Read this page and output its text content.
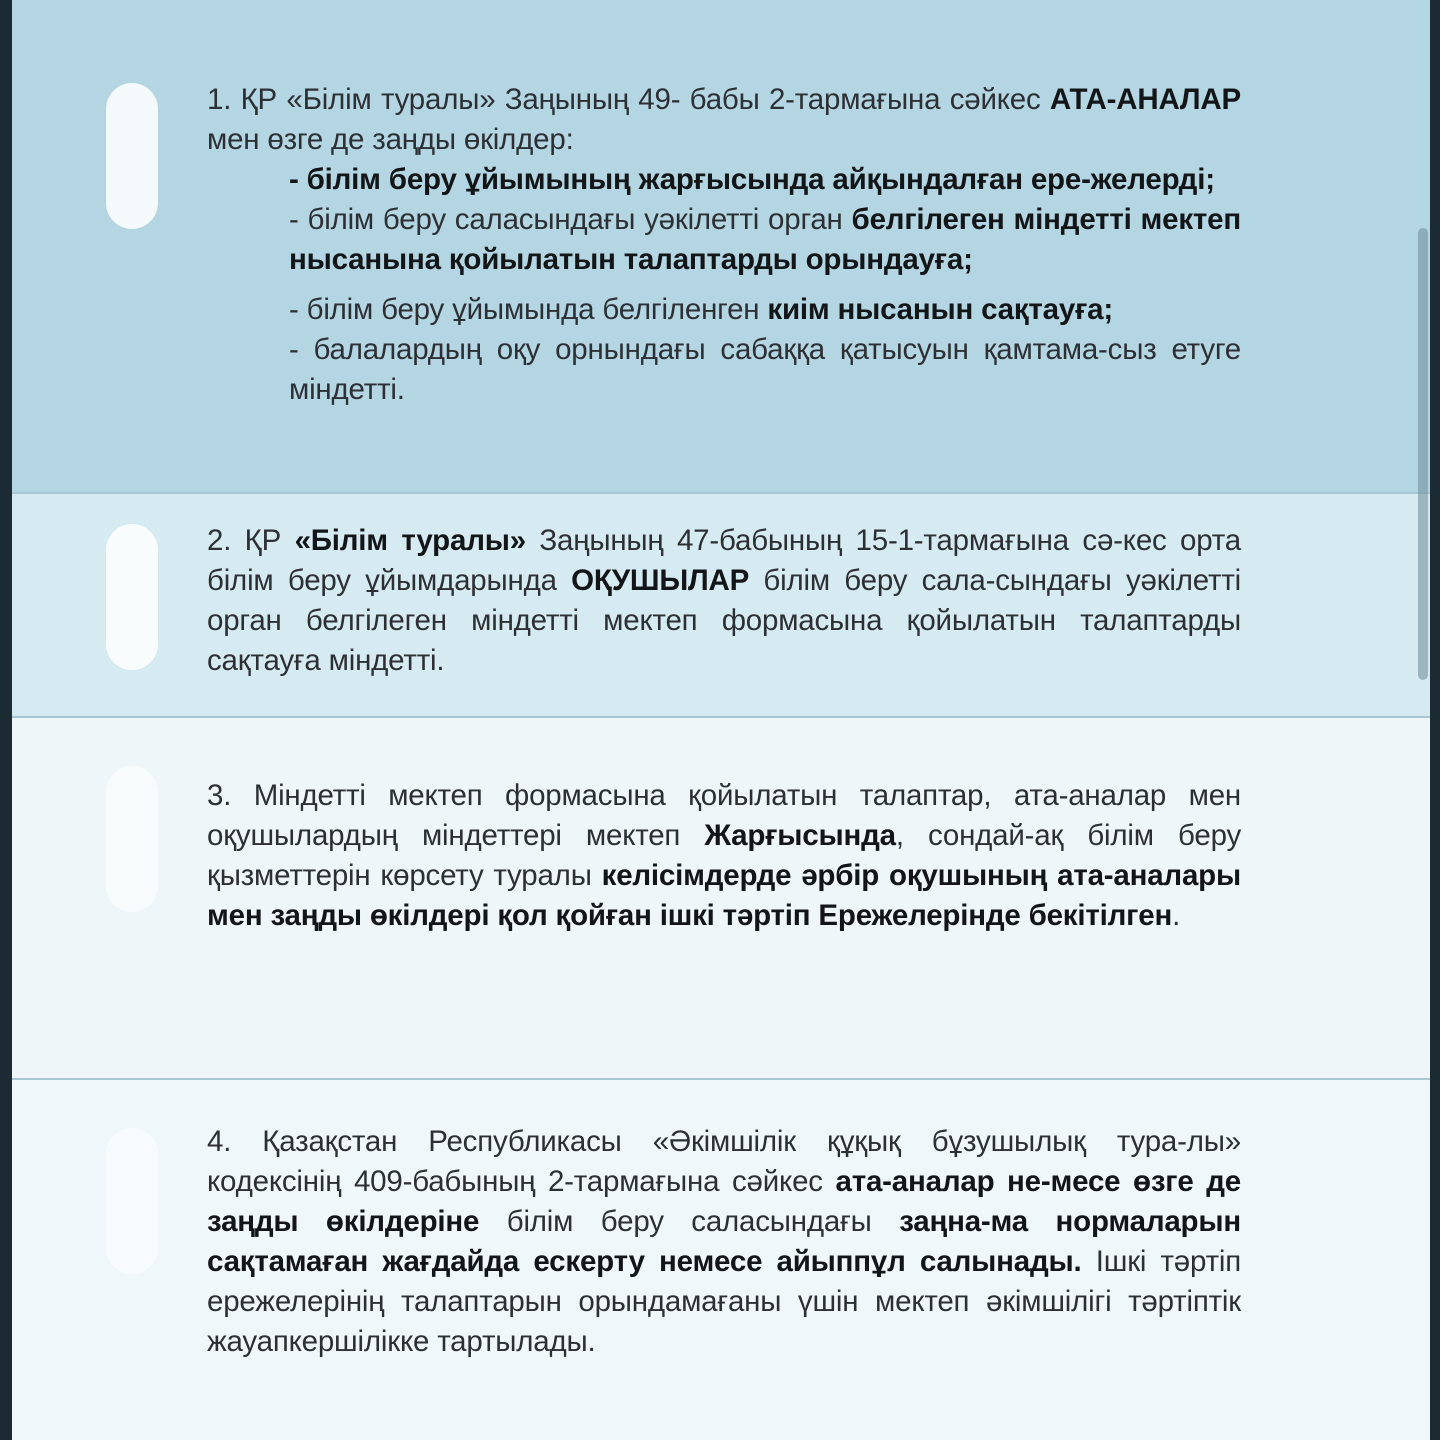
1. ҚР «Білім туралы» Заңының 49- бабы 2-тармағына сәйкес АТА-АНАЛАР мен өзге де заңды өкілдер:

- білім беру ұйымының жарғысында айқындалған ере-желерді;

- білім беру саласындағы уәкілетті орган белгілеген міндетті мектеп нысанына қойылатын талаптарды орындауға;

- білім беру ұйымында белгіленген киім нысанын сақтауға;

- балалардың оқу орнындағы сабаққа қатысуын қамтама-сыз етуге міндетті.

2. ҚР «Білім туралы» Заңының 47-бабының 15-1-тармағына сә-кес орта білім беру ұйымдарында ОҚУШЫЛАР білім беру сала-сындағы уәкілетті орган белгілеген міндетті мектеп формасына қойылатын талаптарды сақтауға міндетті.

3. Міндетті мектеп формасына қойылатын талаптар, ата-аналар мен оқушылардың міндеттері мектеп Жарғысында, сондай-ақ білім беру қызметтерін көрсету туралы келісімдерде әрбір оқушының ата-аналары мен заңды өкілдері қол қойған ішкі тәртіп Ережелерінде бекітілген.

4. Қазақстан Республикасы «Әкімшілік құқық бұзушылық тура-лы» кодексінің 409-бабының 2-тармағына сәйкес ата-аналар не-месе өзге де заңды өкілдеріне білім беру саласындағы заңна-ма нормаларын сақтамаған жағдайда ескерту немесе айыппұл салынады. Ішкі тәртіп ережелерінің талаптарын орындамағаны үшін мектеп әкімшілігі тәртіптік жауапкершілікке тартылады.
